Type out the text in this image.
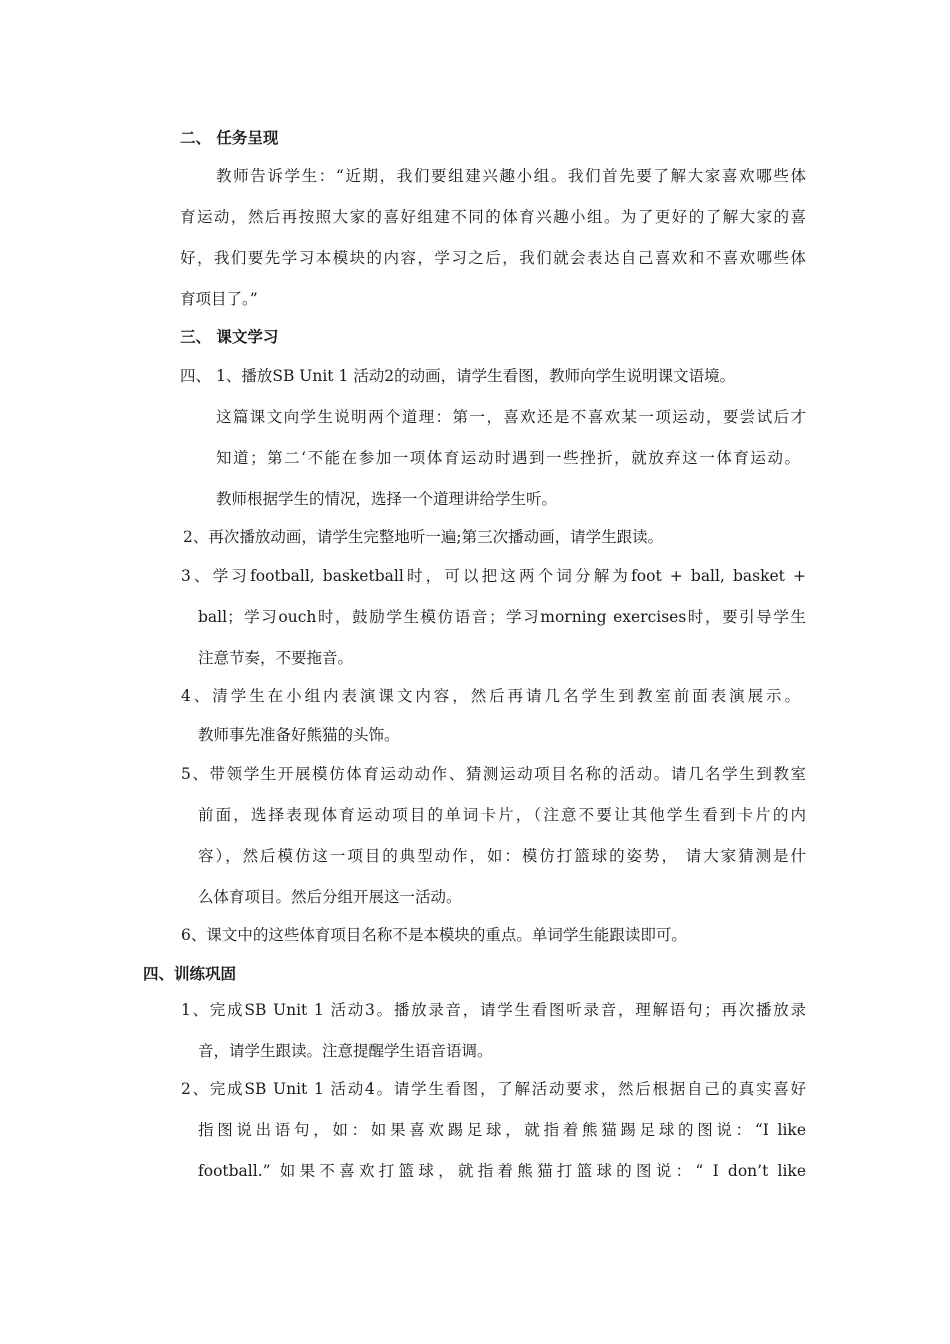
二、 任务呈现
教师告诉学生：“近期，我们要组建兴趣小组。我们首先要了解大家喜欢哪些体
育运动，然后再按照大家的喜好组建不同的体育兴趣小组。为了更好的了解大家的喜
好，我们要先学习本模块的内容，学习之后，我们就会表达自己喜欢和不喜欢哪些体
育项目了。”
三、 课文学习
四、 1、播放SB Unit 1 活动2的动画，请学生看图，教师向学生说明课文语境。
这篇课文向学生说明两个道理：第一，喜欢还是不喜欢某一项运动，要尝试后才
知道；第二‘不能在参加一项体育运动时遇到一些挫折，就放弃这一体育运动。
教师根据学生的情况，选择一个道理讲给学生听。
2、再次播放动画，请学生完整地听一遍;第三次播动画，请学生跟读。
3、学习football, basketball时，可以把这两个词分解为foot + ball, basket +
ball；学习ouch时，鼓励学生模仿语音；学习morning exercises时，要引导学生
注意节奏，不要拖音。
4、清学生在小组内表演课文内容，然后再请几名学生到教室前面表演展示。
教师事先准备好熊猫的头饰。
5、带领学生开展模仿体育运动动作、猜测运动项目名称的活动。请几名学生到教室
前面，选择表现体育运动项目的单词卡片，（注意不要让其他学生看到卡片的内
容），然后模仿这一项目的典型动作，如：模仿打篮球的姿势， 请大家猜测是什
么体育项目。然后分组开展这一活动。
6、课文中的这些体育项目名称不是本模块的重点。单词学生能跟读即可。
四、训练巩固
1、完成SB Unit 1 活动3。播放录音，请学生看图听录音，理解语句；再次播放录
音，请学生跟读。注意提醒学生语音语调。
2、完成SB Unit 1 活动4。请学生看图，了解活动要求，然后根据自己的真实喜好
指图说出语句，如：如果喜欢踢足球，就指着熊猫踢足球的图说：“I like
football.” 如果不喜欢打篮球，就指着熊猫打篮球的图说：“ I don’t like
